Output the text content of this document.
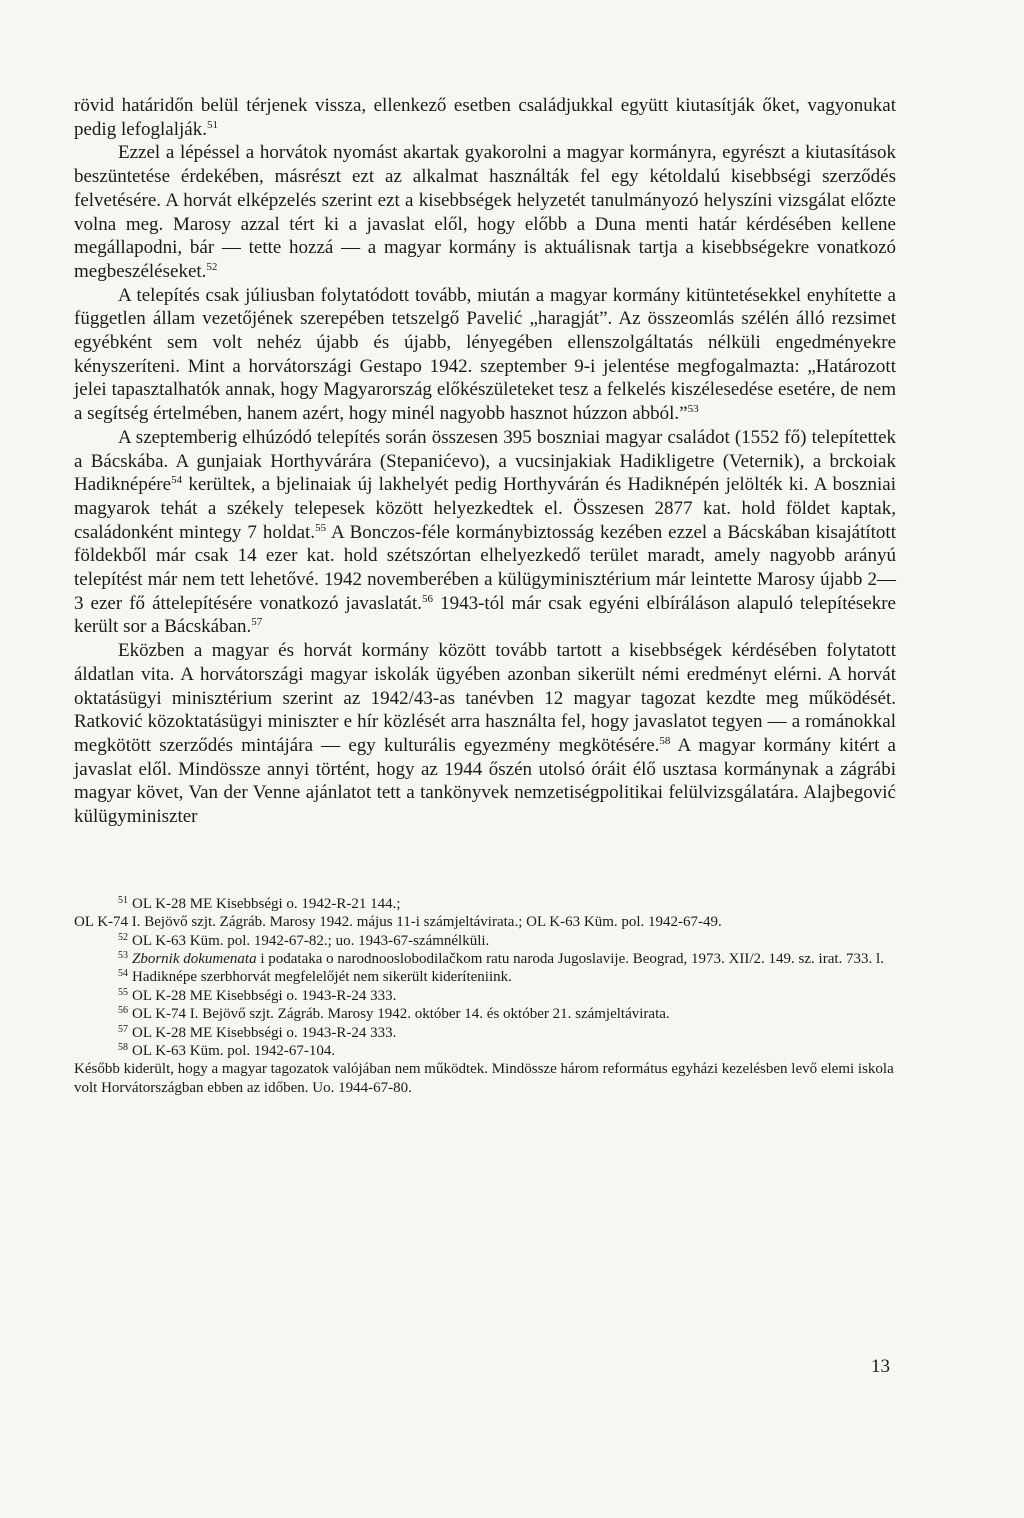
rövid határidőn belül térjenek vissza, ellenkező esetben családjukkal együtt kiutasítják őket, vagyonukat pedig lefoglalják.$^{51}$

Ezzel a lépéssel a horvátok nyomást akartak gyakorolni a magyar kormányra, egyrészt a kiutasítások beszüntetése érdekében, másrészt ezt az alkalmat használták fel egy kétoldalú kisebbségi szerződés felvetésére. A horvát elképzelés szerint ezt a kisebbségek helyzetét tanulmányozó helyszíni vizsgálat előzte volna meg. Marosy azzal tért ki a javaslat elől, hogy előbb a Duna menti határ kérdésében kellene megállapodni, bár — tette hozzá — a magyar kormány is aktuálisnak tartja a kisebbségekre vonatkozó megbeszéléseket.$^{52}$

A telepítés csak júliusban folytatódott tovább, miután a magyar kormány kitüntetésekkel enyhítette a független állam vezetőjének szerepében tetszelgő Pavelić „haragját”. Az összeomlás szélén álló rezsimet egyébként sem volt nehéz újabb és újabb, lényegében ellenszolgáltatás nélküli engedményekre kényszeríteni. Mint a horvátországi Gestapo 1942. szeptember 9-i jelentése megfogalmazta: „Határozott jelei tapasztalhatók annak, hogy Magyarország előkészületeket tesz a felkelés kiszélesedése esetére, de nem a segítség értelmében, hanem azért, hogy minél nagyobb hasznot húzzon abból.”$^{53}$

A szeptemberig elhúzódó telepítés során összesen 395 boszniai magyar családot (1552 fő) telepítettek a Bácskába. A gunjaiak Horthyvárára (Stepanićevo), a vucsinjakiak Hadikligetre (Veternik), a brckoiak Hadiknépére$^{54}$ kerültek, a bjelinaiak új lakhelyét pedig Horthyvárán és Hadiknépén jelölték ki. A boszniai magyarok tehát a székely telepesek között helyezkedtek el. Összesen 2877 kat. hold földet kaptak, családonként mintegy 7 holdat.$^{55}$ A Bonczos-féle kormánybiztosság kezében ezzel a Bácskában kisajátított földekből már csak 14 ezer kat. hold szétszórtan elhelyezkedő terület maradt, amely nagyobb arányú telepítést már nem tett lehetővé. 1942 novemberében a külügyminisztérium már leintette Marosy újabb 2—3 ezer fő áttelepítésére vonatkozó javaslatát.$^{56}$ 1943-tól már csak egyéni elbíráláson alapuló telepítésekre került sor a Bácskában.$^{57}$

Eközben a magyar és horvát kormány között tovább tartott a kisebbségek kérdésében folytatott áldatlan vita. A horvátországi magyar iskolák ügyében azonban sikerült némi eredményt elérni. A horvát oktatásügyi minisztérium szerint az 1942/43-as tanévben 12 magyar tagozat kezdte meg működését. Ratković közoktatásügyi miniszter e hír közlését arra használta fel, hogy javaslatot tegyen — a románokkal megkötött szerződés mintájára — egy kulturális egyezmény megkötésére.$^{58}$ A magyar kormány kitért a javaslat elől. Mindössze annyi történt, hogy az 1944 őszén utolsó óráit élő usztasa kormánynak a zágrábi magyar követ, Van der Venne ajánlatot tett a tankönyvek nemzetiségpolitikai felülvizsgálatára. Alajbegović külügyminiszter

$^{51}$ OL K-28 ME Kisebbségi o. 1942-R-21 144.;

OL K-74 I. Bejövő szjt. Zágráb. Marosy 1942. május 11-i számjeltávirata.; OL K-63 Küm. pol. 1942-67-49.

$^{52}$ OL K-63 Küm. pol. 1942-67-82.; uo. 1943-67-számnélküli.

$^{53}$ Zbornik dokumenata i podataka o narodnooslobodilačkom ratu naroda Jugoslavije. Beograd, 1973. XII/2. 149. sz. irat. 733. l.

$^{54}$ Hadiknépe szerbhorvát megfelelőjét nem sikerült kideríteniink.

$^{55}$ OL K-28 ME Kisebbségi o. 1943-R-24 333.

$^{56}$ OL K-74 I. Bejövő szjt. Zágráb. Marosy 1942. október 14. és október 21. számjeltávirata.

$^{57}$ OL K-28 ME Kisebbségi o. 1943-R-24 333.

$^{58}$ OL K-63 Küm. pol. 1942-67-104.

Később kiderült, hogy a magyar tagozatok valójában nem működtek. Mindössze három református egyházi kezelésben levő elemi iskola volt Horvátországban ebben az időben. Uo. 1944-67-80.

13
